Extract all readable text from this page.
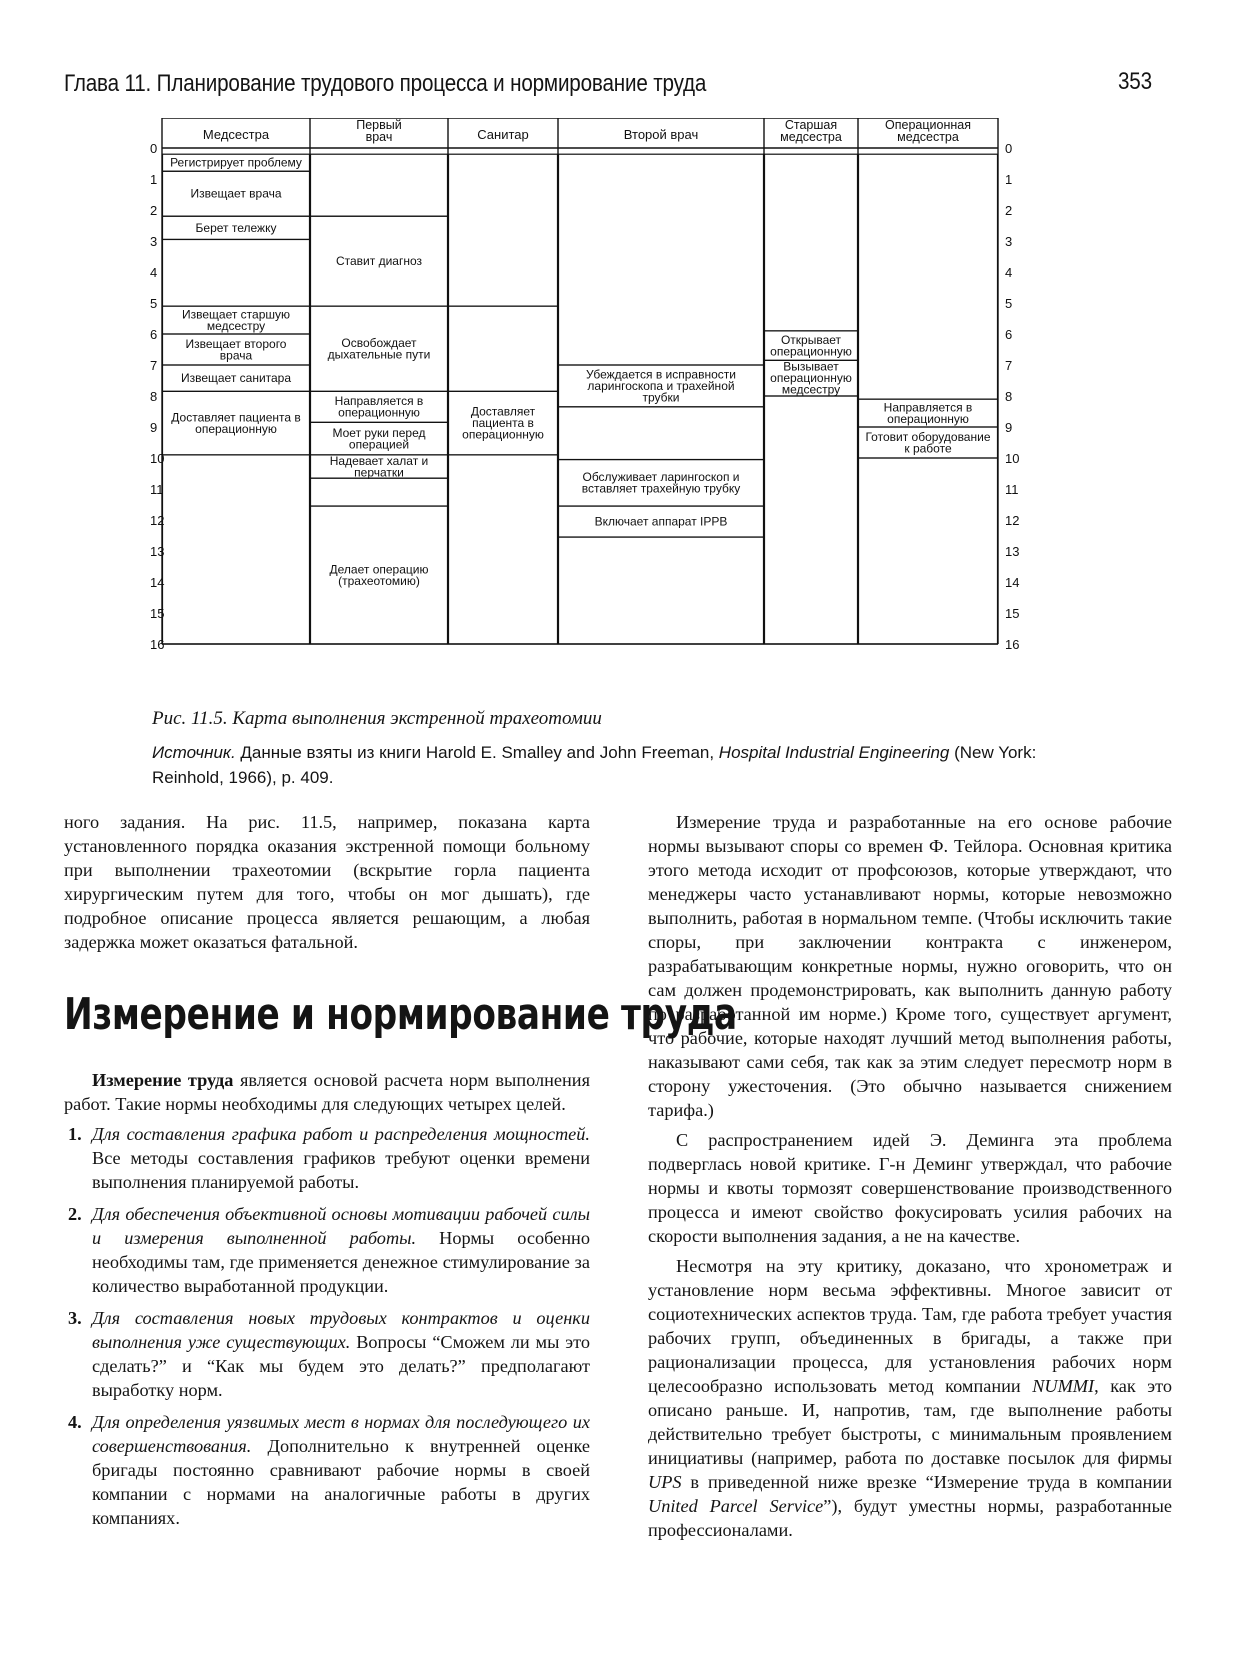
Глава 11. Планирование трудового процесса и нормирование труда	353
0	0
1	1
2	2
3	3
4	4
5	5
6	6
7	7
8	8
9	9
10	10
11	11
12	12
13	13
14	14
15	15
16	16
Медсестра
Регистрирует проблему
Извещает врача
Берет тележку
Извещает старшую
медсестру
Извещает второго
врача
Извещает санитара
Доставляет пациента в
операционную
Первый
врач
Ставит диагноз
Освобождает
дыхательные пути
Направляется в
операционную
Моет руки перед
операцией
Надевает халат и
перчатки
Делает операцию
(трахеотомию)
Санитар
Доставляет
пациента в
операционную
Второй врач
Убеждается в исправности
ларингоскопа и трахейной
трубки
Обслуживает ларингоскоп и
вставляет трахейную трубку
Включает аппарат IPPB
Старшая
медсестра
Открывает
операционную
Вызывает
операционную
медсестру
Операционная
медсестра
Направляется в
операционную
Готовит оборудование
к работе
Рис. 11.5. Карта выполнения экстренной трахеотомии
Источник. Данные взяты из книги Harold E. Smalley and John Freeman, Hospital Industrial Engineering (New York: Reinhold, 1966), p. 409.

ного задания. На рис. 11.5, например, показана карта установленного порядка оказания экстренной помощи больному при выполнении трахеотомии (вскрытие горла пациента хирургическим путем для того, чтобы он мог дышать), где подробное описание процесса является решающим, а любая задержка может оказаться фатальной.

Измерение и нормирование труда

Измерение труда является основой расчета норм выполнения работ. Такие нормы необходимы для следующих четырех целей.

1. Для составления графика работ и распределения мощностей. Все методы составления графиков требуют оценки времени выполнения планируемой работы.
2. Для обеспечения объективной основы мотивации рабочей силы и измерения выполненной работы. Нормы особенно необходимы там, где применяется денежное стимулирование за количество выработанной продукции.
3. Для составления новых трудовых контрактов и оценки выполнения уже существующих. Вопросы “Сможем ли мы это сделать?” и “Как мы будем это делать?” предполагают выработку норм.
4. Для определения уязвимых мест в нормах для последующего их совершенствования. Дополнительно к внутренней оценке бригады постоянно сравнивают рабочие нормы в своей компании с нормами на аналогичные работы в других компаниях.

Измерение труда и разработанные на его основе рабочие нормы вызывают споры со времен Ф. Тейлора. Основная критика этого метода исходит от профсоюзов, которые утверждают, что менеджеры часто устанавливают нормы, которые невозможно выполнить, работая в нормальном темпе. (Чтобы исключить такие споры, при заключении контракта с инженером, разрабатывающим конкретные нормы, нужно оговорить, что он сам должен продемонстрировать, как выполнить данную работу по разработанной им норме.) Кроме того, существует аргумент, что рабочие, которые находят лучший метод выполнения работы, наказывают сами себя, так как за этим следует пересмотр норм в сторону ужесточения. (Это обычно называется снижением тарифа.)

С распространением идей Э. Деминга эта проблема подверглась новой критике. Г-н Деминг утверждал, что рабочие нормы и квоты тормозят совершенствование производственного процесса и имеют свойство фокусировать усилия рабочих на скорости выполнения задания, а не на качестве.

Несмотря на эту критику, доказано, что хронометраж и установление норм весьма эффективны. Многое зависит от социотехнических аспектов труда. Там, где работа требует участия рабочих групп, объединенных в бригады, а также при рационализации процесса, для установления рабочих норм целесообразно использовать метод компании NUMMI, как это описано раньше. И, напротив, там, где выполнение работы действительно требует быстроты, с минимальным проявлением инициативы (например, работа по доставке посылок для фирмы UPS в приведенной ниже врезке “Измерение труда в компании United Parcel Service”), будут уместны нормы, разработанные профессионалами.
